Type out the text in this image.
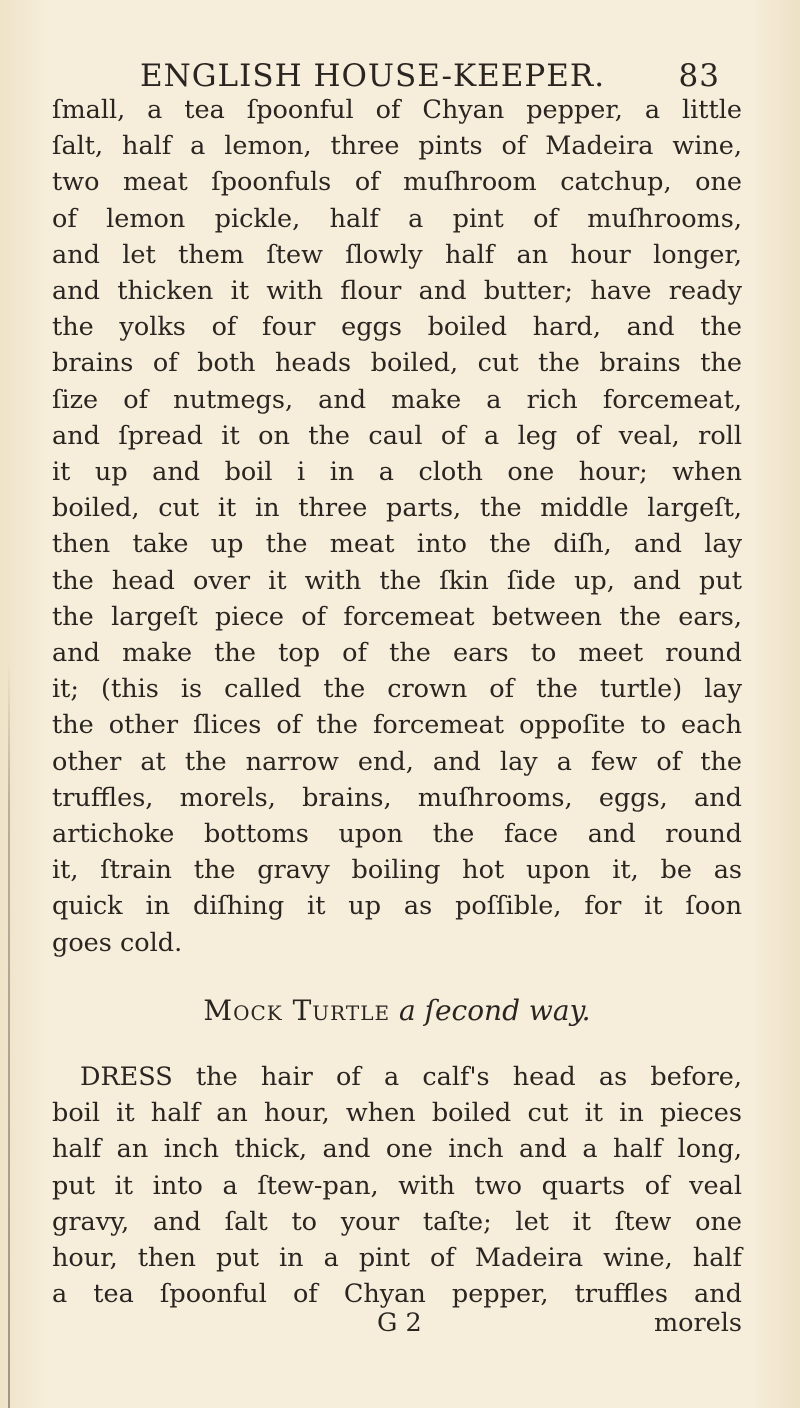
ENGLISH HOUSE-KEEPER. 83
ſmall, a tea ſpoonful of Chyan pepper, a little
ſalt, half a lemon, three pints of Madeira wine,
two meat ſpoonfuls of muſhroom catchup, one
of lemon pickle, half a pint of muſhrooms,
and let them ſtew ſlowly half an hour longer,
and thicken it with flour and butter; have ready
the yolks of four eggs boiled hard, and the
brains of both heads boiled, cut the brains the
ſize of nutmegs, and make a rich forcemeat,
and ſpread it on the caul of a leg of veal, roll
it up and boil i in a cloth one hour; when
boiled, cut it in three parts, the middle largeſt,
then take up the meat into the diſh, and lay
the head over it with the ſkin ſide up, and put
the largeſt piece of forcemeat between the ears,
and make the top of the ears to meet round
it; (this is called the crown of the turtle) lay
the other ſlices of the forcemeat oppoſite to each
other at the narrow end, and lay a few of the
truffles, morels, brains, muſhrooms, eggs, and
artichoke bottoms upon the face and round
it, ſtrain the gravy boiling hot upon it, be as
quick in diſhing it up as poſſible, for it ſoon
goes cold.
Mock Turtle a ſecond way.
DRESS the hair of a calf's head as before,
boil it half an hour, when boiled cut it in pieces
half an inch thick, and one inch and a half long,
put it into a ſtew-pan, with two quarts of veal
gravy, and ſalt to your taſte; let it ſtew one
hour, then put in a pint of Madeira wine, half
a tea ſpoonful of Chyan pepper, truffles and
G 2	morels
